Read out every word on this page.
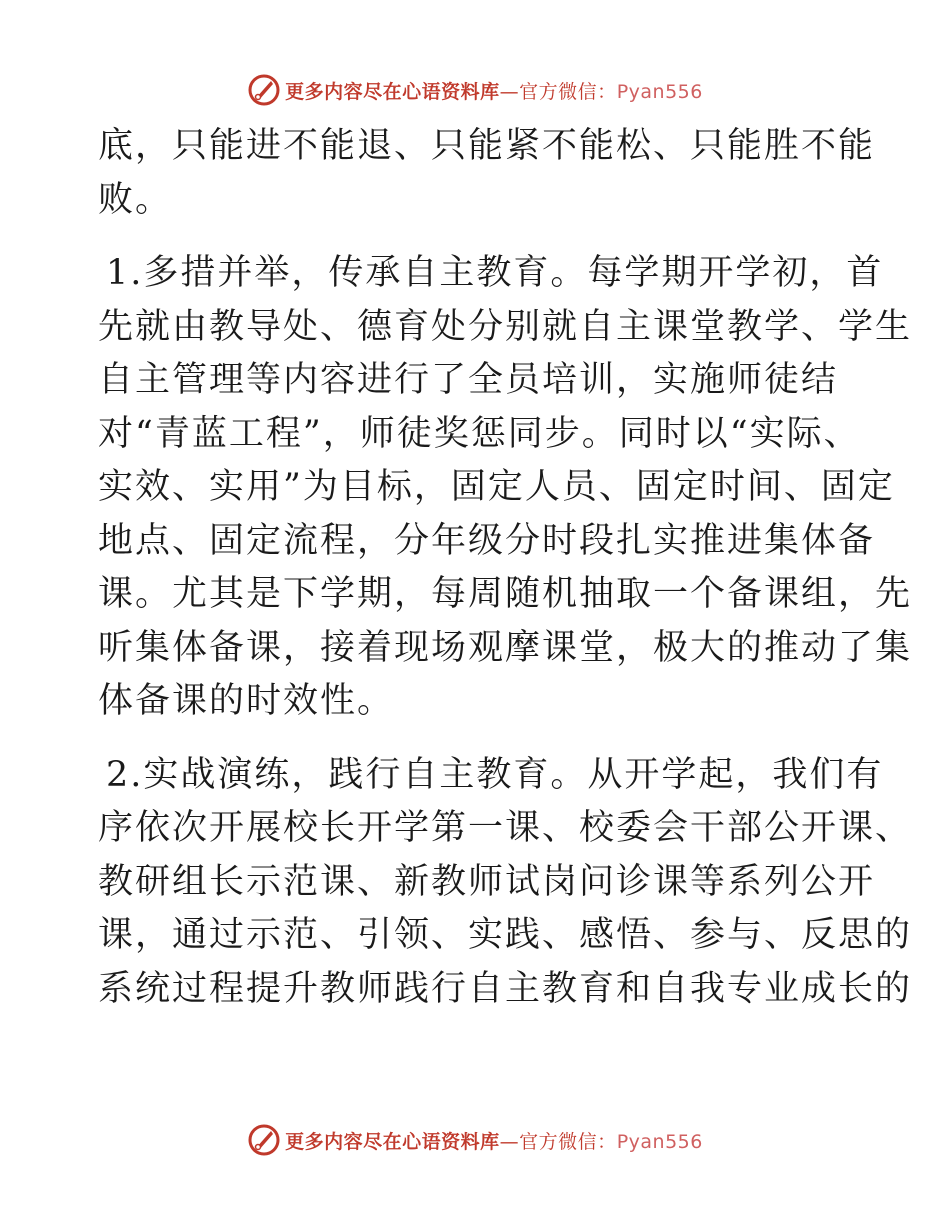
更多内容尽在心语资料库—官方微信：Pyan556
底，只能进不能退、只能紧不能松、只能胜不能
败。
1.多措并举，传承自主教育。每学期开学初，首
先就由教导处、德育处分别就自主课堂教学、学生
自主管理等内容进行了全员培训，实施师徒结
对“青蓝工程”，师徒奖惩同步。同时以“实际、
实效、实用”为目标，固定人员、固定时间、固定
地点、固定流程，分年级分时段扎实推进集体备
课。尤其是下学期，每周随机抽取一个备课组，先
听集体备课，接着现场观摩课堂，极大的推动了集
体备课的时效性。
2.实战演练，践行自主教育。从开学起，我们有
序依次开展校长开学第一课、校委会干部公开课、
教研组长示范课、新教师试岗问诊课等系列公开
课，通过示范、引领、实践、感悟、参与、反思的
系统过程提升教师践行自主教育和自我专业成长的
更多内容尽在心语资料库—官方微信：Pyan556
